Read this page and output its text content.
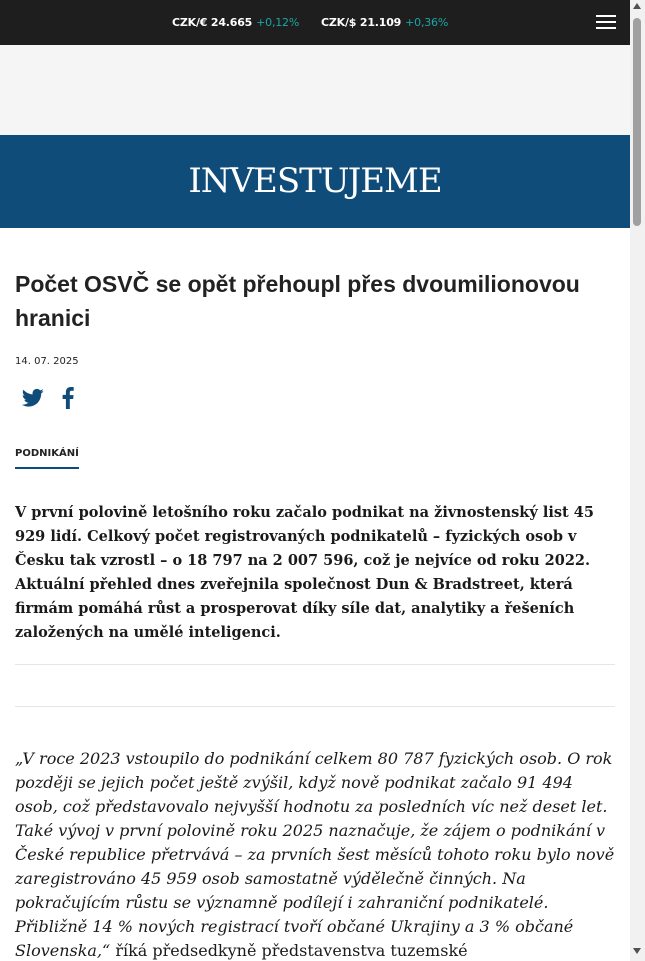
CZK/€ 24.665 +0,12% CZK/$ 21.109 +0,36%
INVESTUJEME
Počet OSVČ se opět přehoupl přes dvoumilionovou hranici
14. 07. 2025
PODNIKÁNÍ

V první polovině letošního roku začalo podnikat na živnostenský list 45 929 lidí. Celkový počet registrovaných podnikatelů – fyzických osob v Česku tak vzrostl – o 18 797 na 2 007 596, což je nejvíce od roku 2022. Aktuální přehled dnes zveřejnila společnost Dun & Bradstreet, která firmám pomáhá růst a prosperovat díky síle dat, analytiky a řešeních založených na umělé inteligenci.

„V roce 2023 vstoupilo do podnikání celkem 80 787 fyzických osob. O rok později se jejich počet ještě zvýšil, když nově podnikat začalo 91 494 osob, což představovalo nejvyšší hodnotu za posledních víc než deset let. Také vývoj v první polovině roku 2025 naznačuje, že zájem o podnikání v České republice přetrvává – za prvních šest měsíců tohoto roku bylo nově zaregistrováno 45 959 osob samostatně výdělečně činných. Na pokračujícím růstu se významně podílejí i zahraniční podnikatelé. Přibližně 14 % nových registrací tvoří občané Ukrajiny a 3 % občané Slovenska,“ říká předsedkyně představenstva tuzemské
